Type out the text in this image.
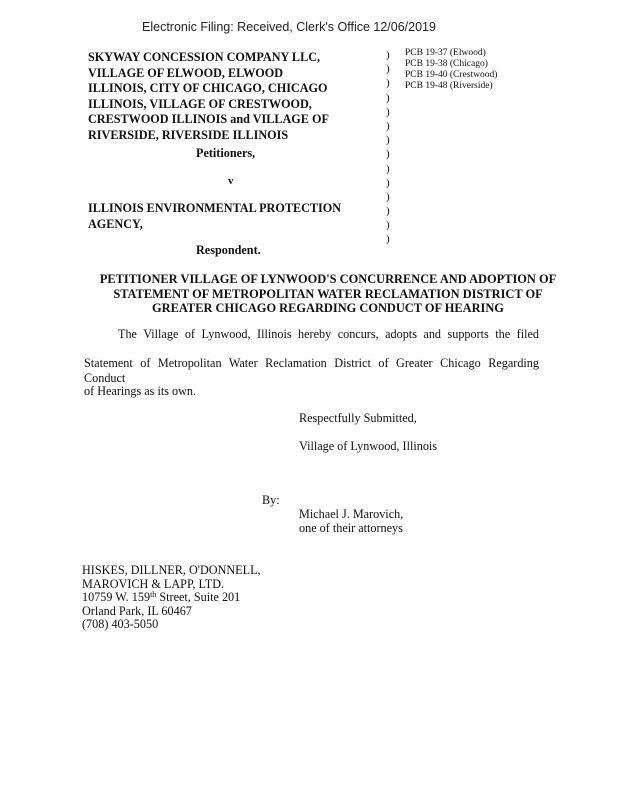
Electronic Filing: Received, Clerk's Office 12/06/2019
SKYWAY CONCESSION COMPANY LLC,
VILLAGE OF ELWOOD, ELWOOD
ILLINOIS, CITY OF CHICAGO, CHICAGO
ILLINOIS, VILLAGE OF CRESTWOOD,
CRESTWOOD ILLINOIS and VILLAGE OF
RIVERSIDE, RIVERSIDE ILLINOIS
)
)
)
)
)
)
)
)
)
)
)
)
)
)
PCB 19-37 (Elwood)
PCB 19-38 (Chicago)
PCB 19-40 (Crestwood)
PCB 19-48 (Riverside)
Petitioners,
v
ILLINOIS ENVIRONMENTAL PROTECTION
AGENCY,
Respondent.
PETITIONER VILLAGE OF LYNWOOD'S CONCURRENCE AND ADOPTION OF
STATEMENT OF METROPOLITAN WATER RECLAMATION DISTRICT OF
GREATER CHICAGO REGARDING CONDUCT OF HEARING
The Village of Lynwood, Illinois hereby concurs, adopts and supports the filed
Statement of Metropolitan Water Reclamation District of Greater Chicago Regarding Conduct
of Hearings as its own.
Respectfully Submitted,
Village of Lynwood, Illinois
By:
Michael J. Marovich,
one of their attorneys
HISKES, DILLNER, O'DONNELL,
MAROVICH & LAPP, LTD.
10759 W. 159th Street, Suite 201
Orland Park, IL 60467
(708) 403-5050
